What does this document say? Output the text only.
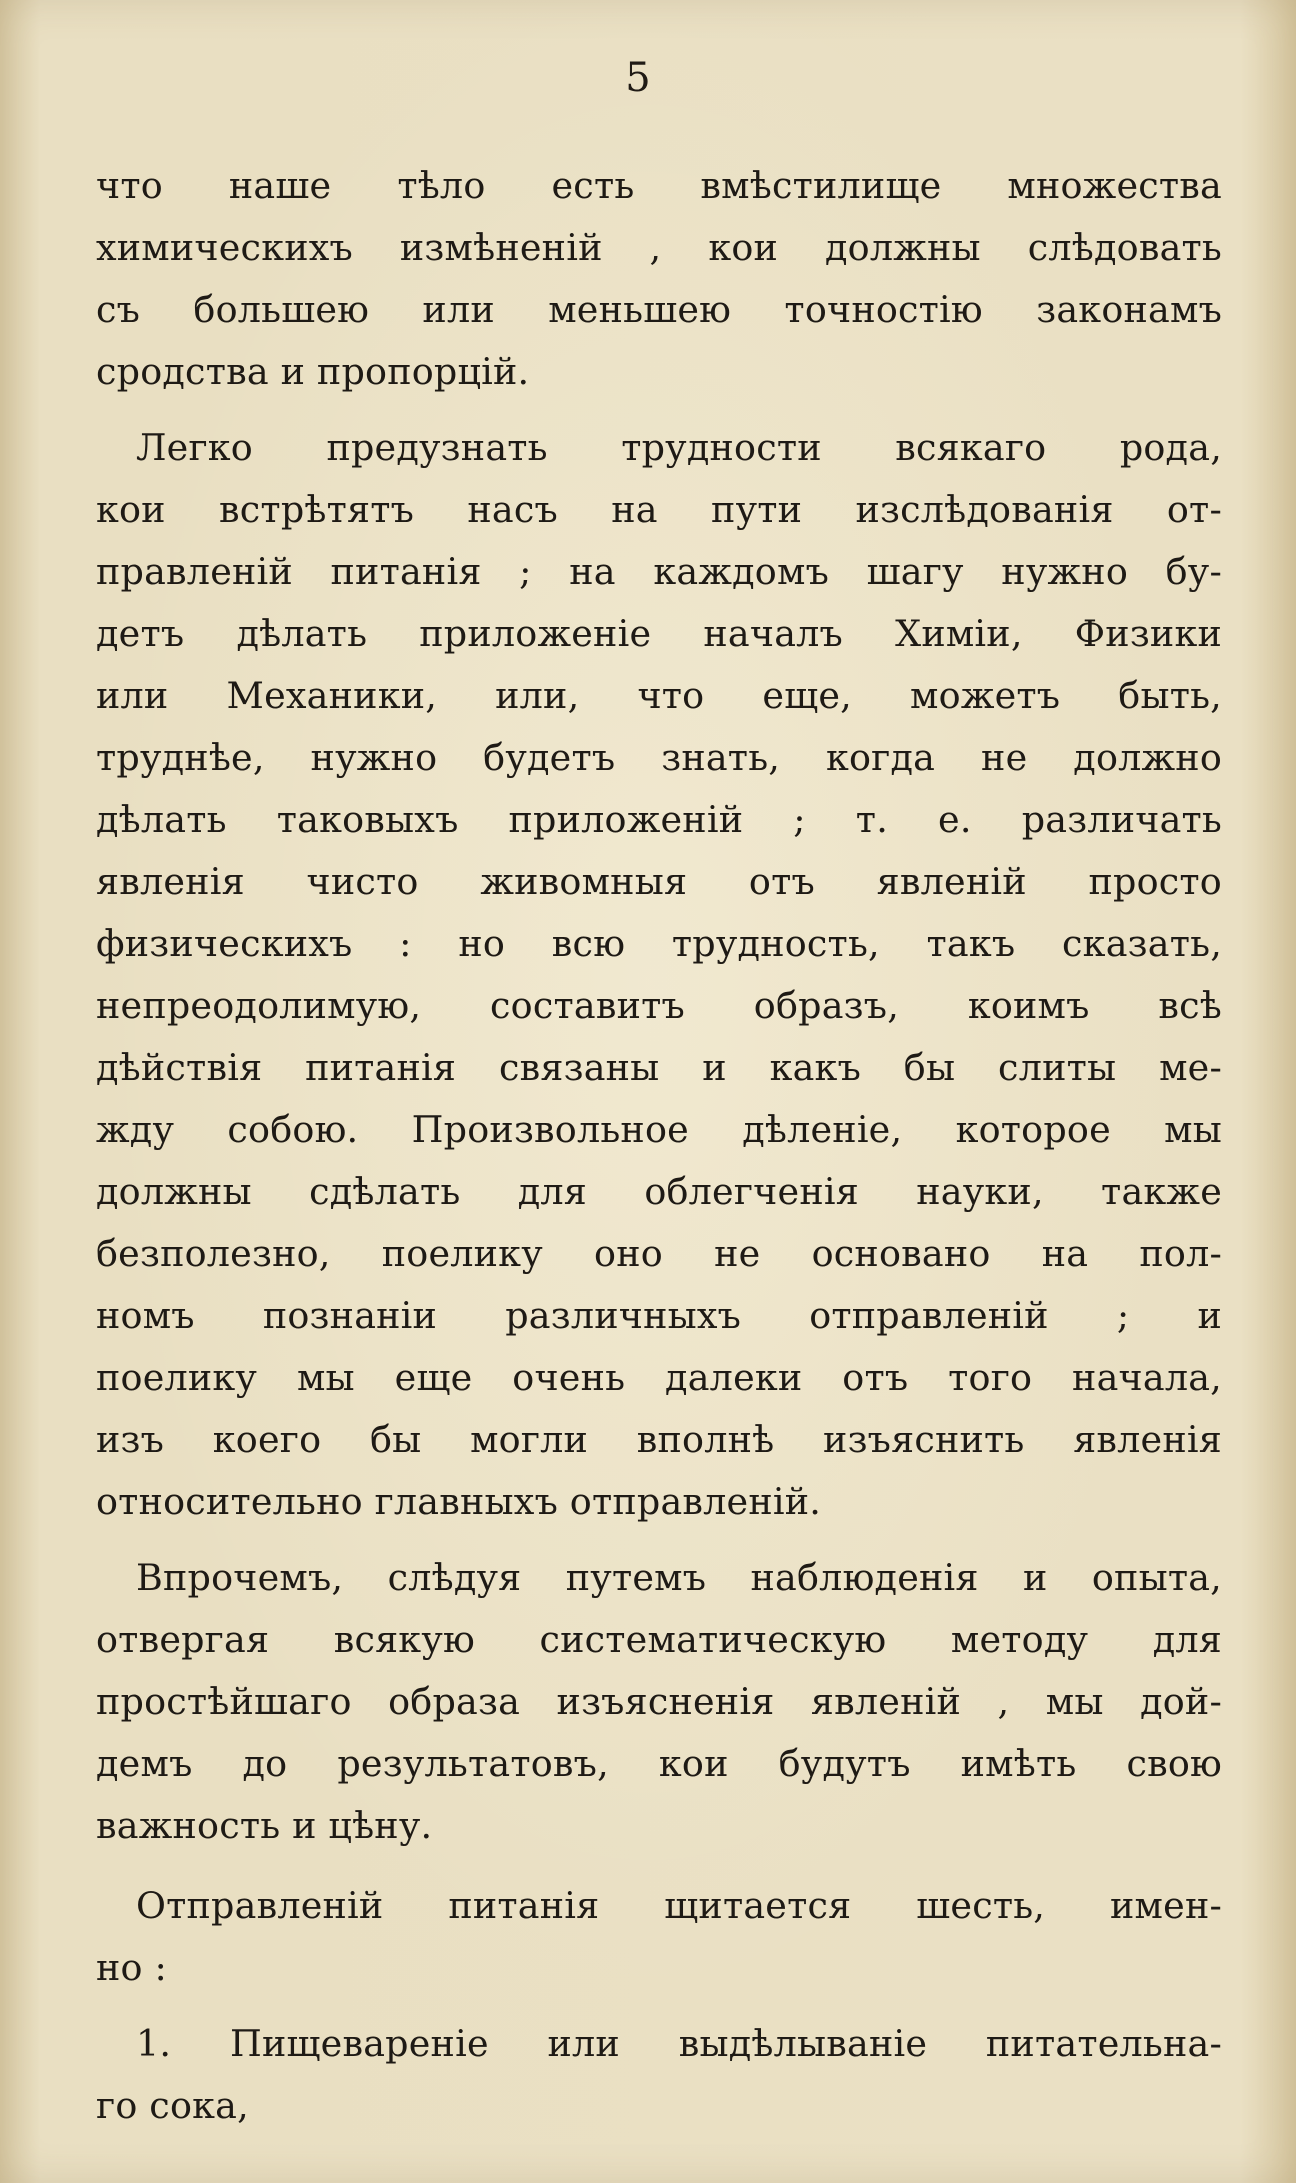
5
что наше тѣло есть вмѣстилище множества
химическихъ измѣненій , кои должны слѣдовать
съ большею или меньшею точностію законамъ
сродства и пропорцій.
Легко предузнать трудности всякаго рода,
кои встрѣтятъ насъ на пути изслѣдованія от-
правленій питанія ; на каждомъ шагу нужно бу-
детъ дѣлать приложеніе началъ Химіи, Физики
или Механики, или, что еще, можетъ быть,
труднѣе, нужно будетъ знать, когда не должно
дѣлать таковыхъ приложеній ; т. е. различать
явленія чисто живомныя отъ явленій просто
физическихъ : но всю трудность, такъ сказать,
непреодолимую, составитъ образъ, коимъ всѣ
дѣйствія питанія связаны и какъ бы слиты ме-
жду собою. Произвольное дѣленіе, которое мы
должны сдѣлать для облегченія науки, также
безполезно, поелику оно не основано на пол-
номъ познаніи различныхъ отправленій ; и
поелику мы еще очень далеки отъ того начала,
изъ коего бы могли вполнѣ изъяснить явленія
относительно главныхъ отправленій.
Впрочемъ, слѣдуя путемъ наблюденія и опыта,
отвергая всякую систематическую методу для
простѣйшаго образа изъясненія явленій , мы дой-
демъ до результатовъ, кои будутъ имѣть свою
важность и цѣну.
Отправленій питанія щитается шесть, имен-
но :
1. Пищевареніе или выдѣлываніе питательна-
го сока,
